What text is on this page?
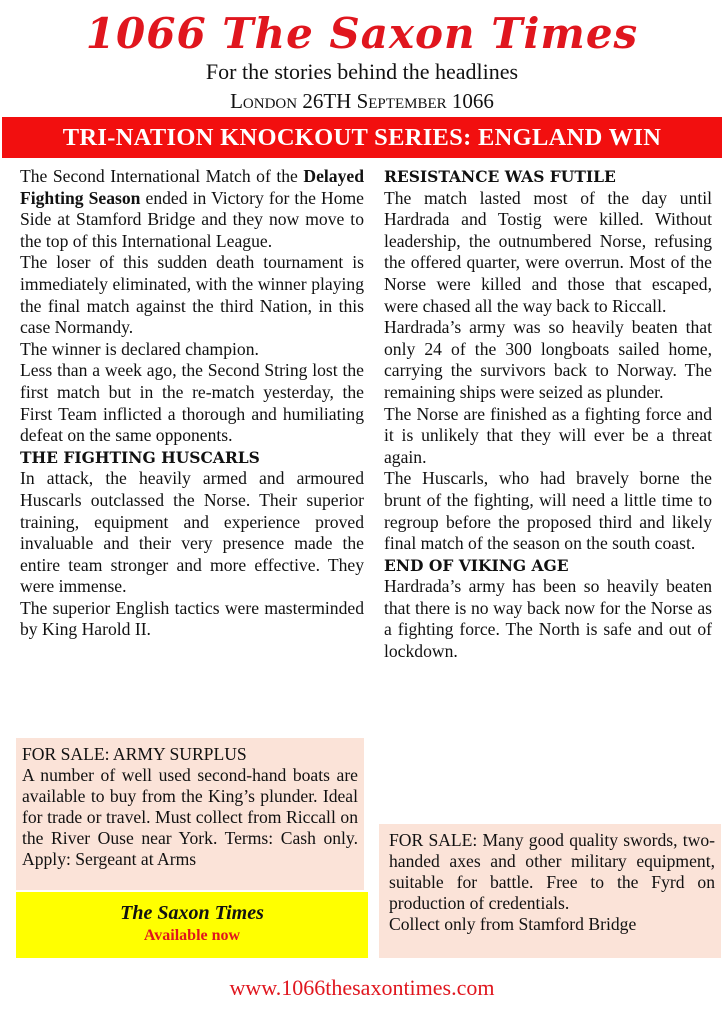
1066 The Saxon Times
For the stories behind the headlines
London 26TH September 1066
TRI-NATION KNOCKOUT SERIES: ENGLAND WIN

The Second International Match of the Delayed Fighting Season ended in Victory for the Home Side at Stamford Bridge and they now move to the top of this International League.

The loser of this sudden death tournament is immediately eliminated, with the winner playing the final match against the third Nation, in this case Normandy.

The winner is declared champion.

Less than a week ago, the Second String lost the first match but in the re-match yesterday, the First Team inflicted a thorough and humiliating defeat on the same opponents.

THE FIGHTING HUSCARLS

In attack, the heavily armed and armoured Huscarls outclassed the Norse. Their superior training, equipment and experience proved invaluable and their very presence made the entire team stronger and more effective. They were immense.

The superior English tactics were masterminded by King Harold II.

RESISTANCE WAS FUTILE

The match lasted most of the day until Hardrada and Tostig were killed. Without leadership, the outnumbered Norse, refusing the offered quarter, were overrun. Most of the Norse were killed and those that escaped, were chased all the way back to Riccall.

Hardrada’s army was so heavily beaten that only 24 of the 300 longboats sailed home, carrying the survivors back to Norway. The remaining ships were seized as plunder.

The Norse are finished as a fighting force and it is unlikely that they will ever be a threat again.

The Huscarls, who had bravely borne the brunt of the fighting, will need a little time to regroup before the proposed third and likely final match of the season on the south coast.

END OF VIKING AGE

Hardrada’s army has been so heavily beaten that there is no way back now for the Norse as a fighting force. The North is safe and out of lockdown.

FOR SALE: ARMY SURPLUS

A number of well used second-hand boats are available to buy from the King’s plunder. Ideal for trade or travel. Must collect from Riccall on the River Ouse near York. Terms: Cash only. Apply: Sergeant at Arms

The Saxon Times
Available now

FOR SALE: Many good quality swords, two-handed axes and other military equipment, suitable for battle. Free to the Fyrd on production of credentials.

Collect only from Stamford Bridge

www.1066thesaxontimes.com
